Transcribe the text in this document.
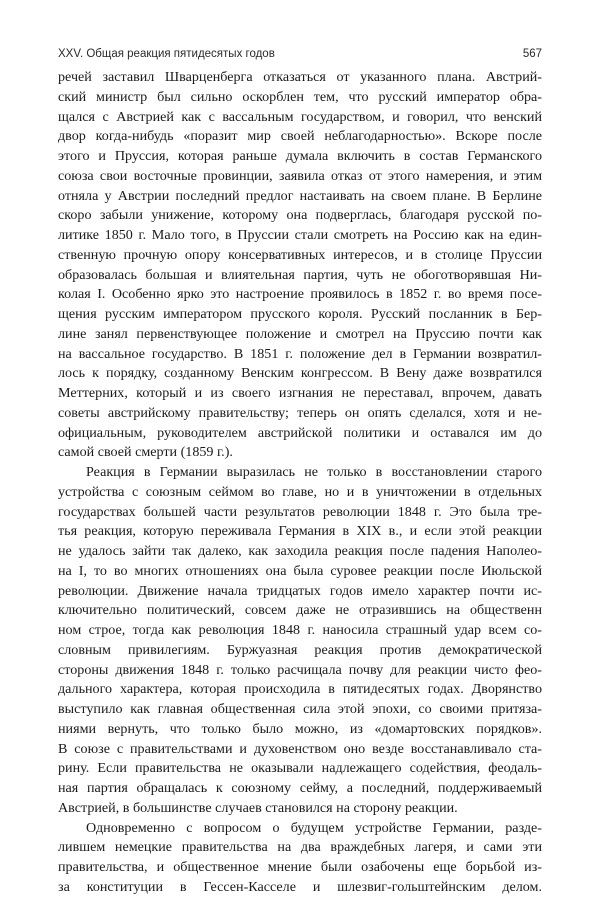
XXV. Общая реакция пятидесятых годов	567
речей заставил Шварценберга отказаться от указанного плана. Австрий-
ский министр был сильно оскорблен тем, что русский император обра-
щался с Австрией как с вассальным государством, и говорил, что венский
двор когда-нибудь «поразит мир своей неблагодарностью». Вскоре после
этого и Пруссия, которая раньше думала включить в состав Германского
союза свои восточные провинции, заявила отказ от этого намерения, и этим
отняла у Австрии последний предлог настаивать на своем плане. В Берлине
скоро забыли унижение, которому она подверглась, благодаря русской по-
литике 1850 г. Мало того, в Пруссии стали смотреть на Россию как на един-
ственную прочную опору консервативных интересов, и в столице Пруссии
образовалась большая и влиятельная партия, чуть не обоготворявшая Ни-
колая I. Особенно ярко это настроение проявилось в 1852 г. во время посе-
щения русским императором прусского короля. Русский посланник в Бер-
лине занял первенствующее положение и смотрел на Пруссию почти как
на вассальное государство. В 1851 г. положение дел в Германии возвратил-
лось к порядку, созданному Венским конгрессом. В Вену даже возвратился
Меттерних, который и из своего изгнания не переставал, впрочем, давать
советы австрийскому правительству; теперь он опять сделался, хотя и не-
официальным, руководителем австрийской политики и оставался им до
самой своей смерти (1859 г.).
Реакция в Германии выразилась не только в восстановлении старого
устройства с союзным сеймом во главе, но и в уничтожении в отдельных
государствах большей части результатов революции 1848 г. Это была тре-
тья реакция, которую переживала Германия в XIX в., и если этой реакции
не удалось зайти так далеко, как заходила реакция после падения Наполео-
на I, то во многих отношениях она была суровее реакции после Июльской
революции. Движение начала тридцатых годов имело характер почти ис-
ключительно политический, совсем даже не отразившись на общественн
ном строе, тогда как революция 1848 г. наносила страшный удар всем со-
словным привилегиям. Буржуазная реакция против демократической
стороны движения 1848 г. только расчищала почву для реакции чисто фео-
дального характера, которая происходила в пятидесятых годах. Дворянство
выступило как главная общественная сила этой эпохи, со своими притяза-
ниями вернуть, что только было можно, из «домартовских порядков».
В союзе с правительствами и духовенством оно везде восстанавливало ста-
рину. Если правительства не оказывали надлежащего содействия, феодаль-
ная партия обращалась к союзному сейму, а последний, поддерживаемый
Австрией, в большинстве случаев становился на сторону реакции.
Одновременно с вопросом о будущем устройстве Германии, разде-
лившем немецкие правительства на два враждебных лагеря, и сами эти
правительства, и общественное мнение были озабочены еще борьбой из-
за конституции в Гессен-Касселе и шлезвиг-гольштейнским делом.
